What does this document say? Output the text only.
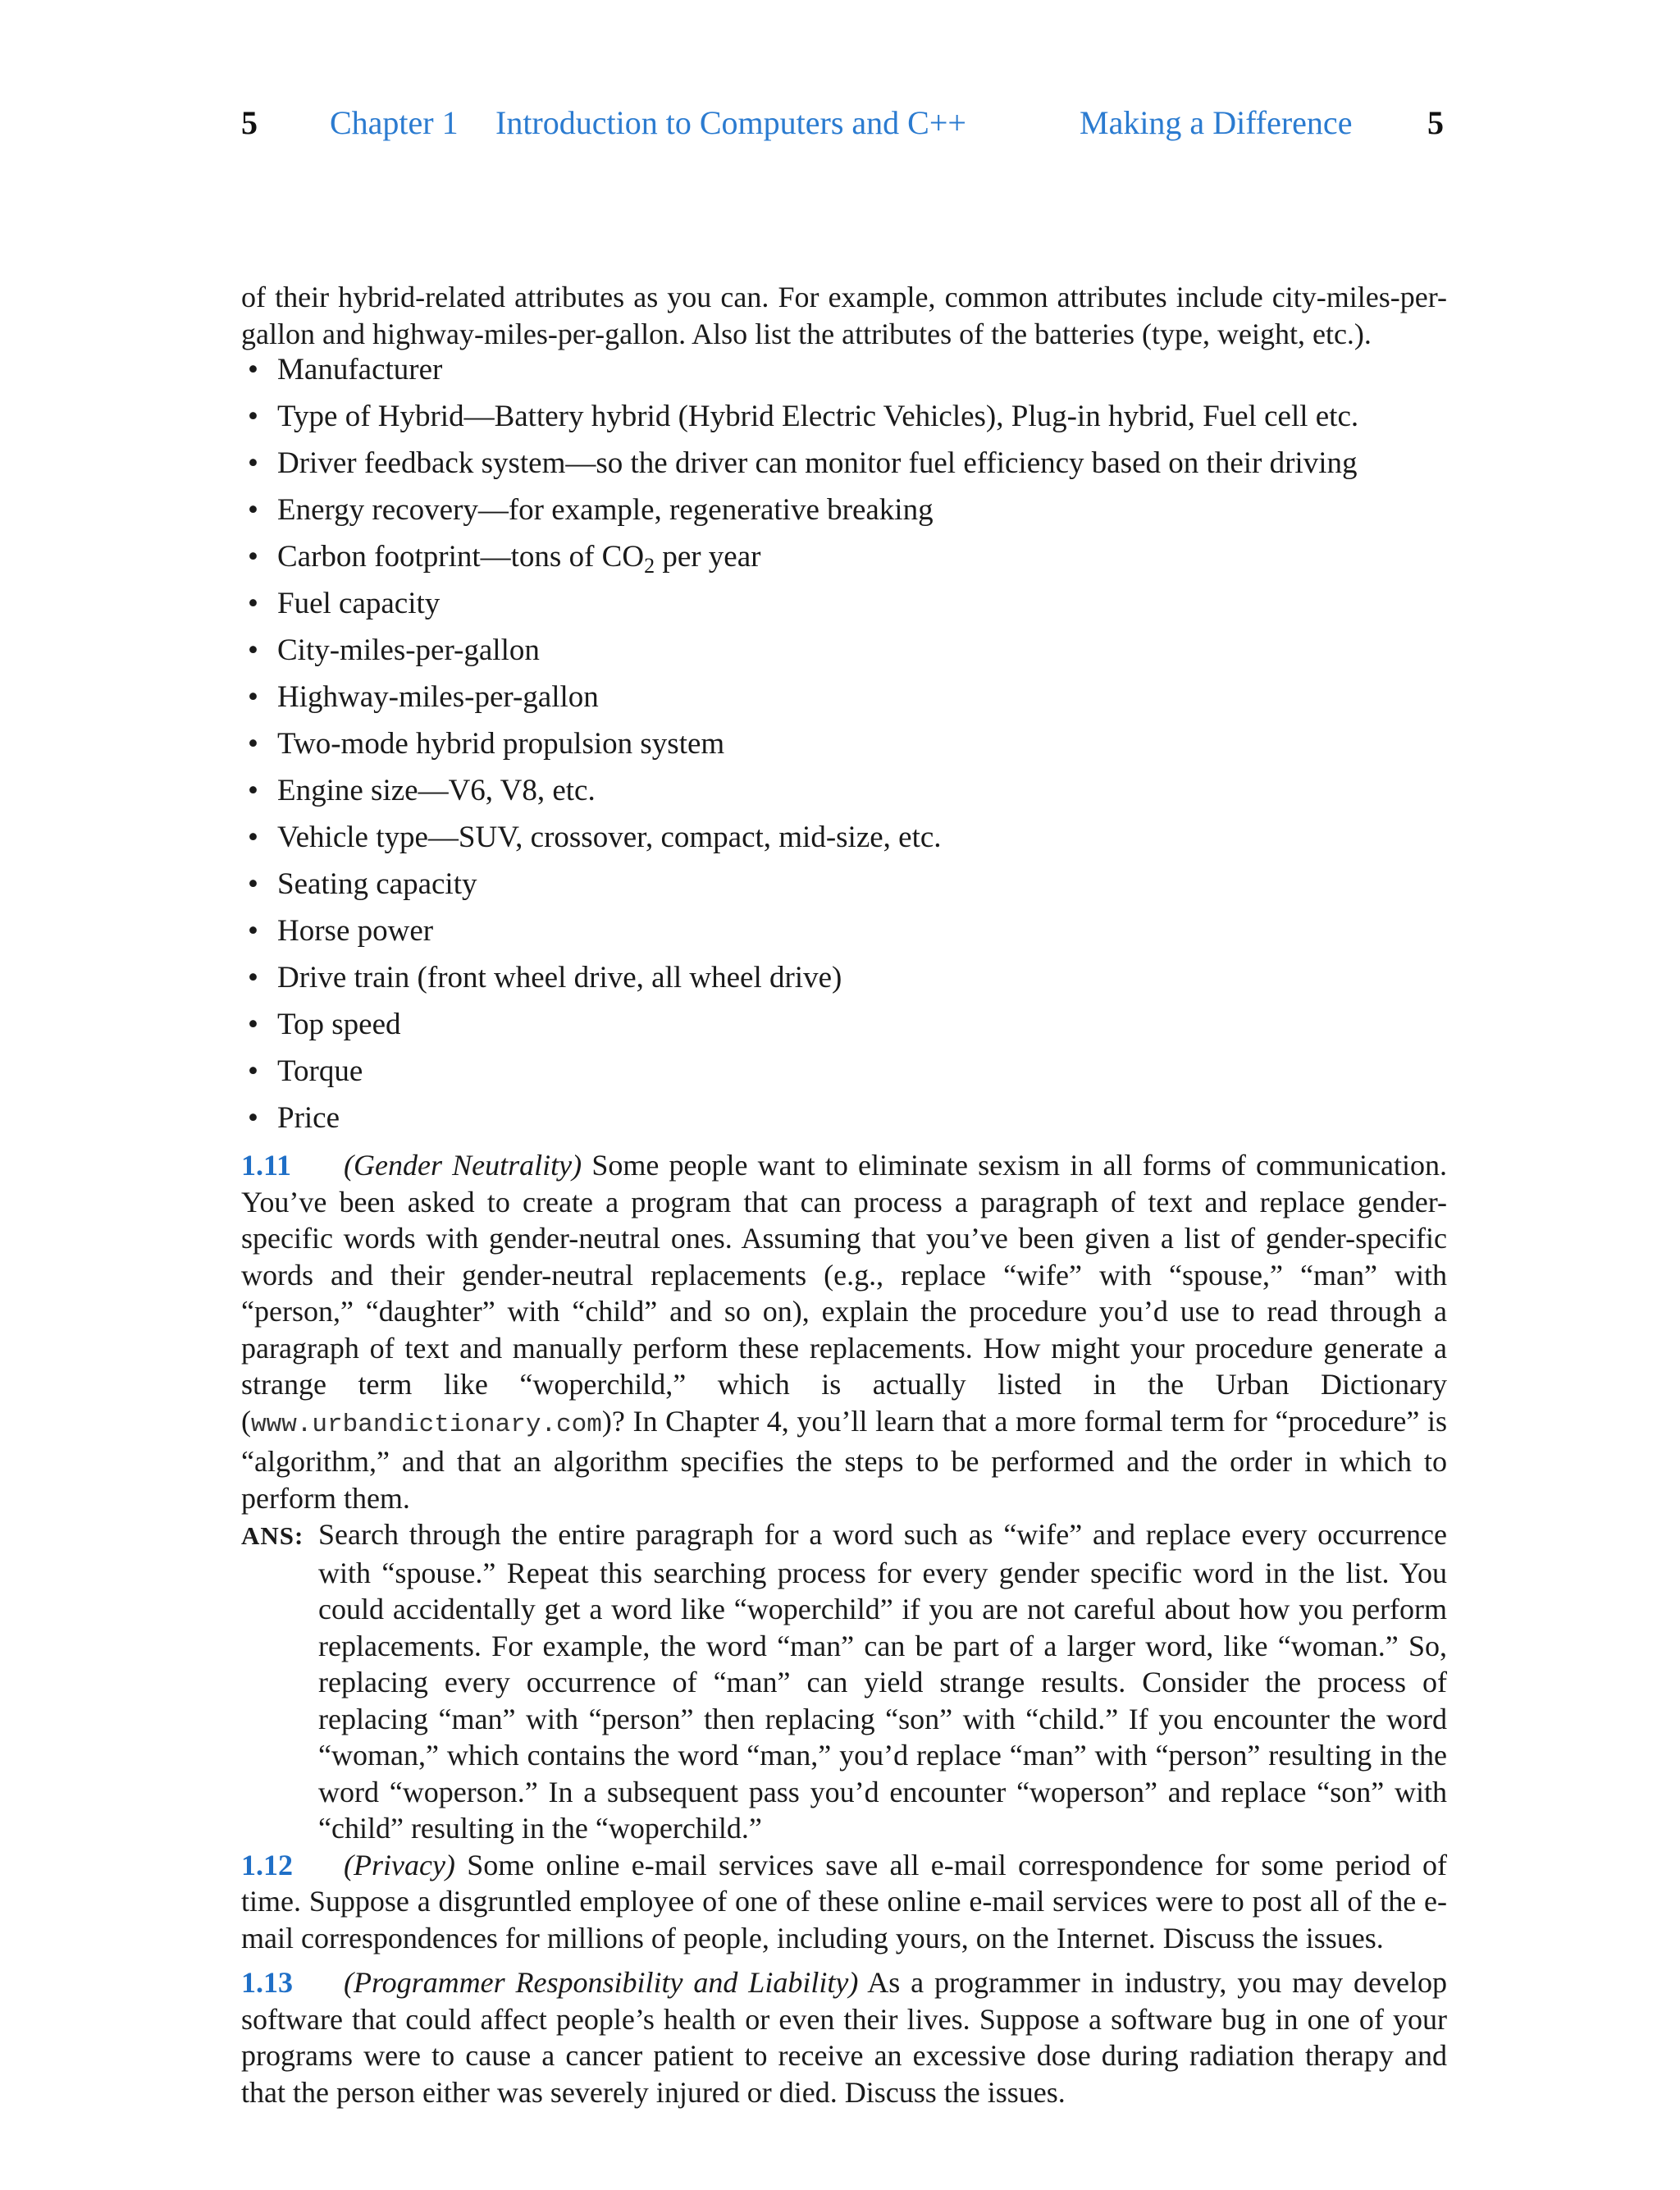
5 Chapter 1 Introduction to Computers and C++	Making a Difference 5

of their hybrid-related attributes as you can. For example, common attributes include city-miles-per-gallon and highway-miles-per-gallon. Also list the attributes of the batteries (type, weight, etc.).

• Manufacturer
• Type of Hybrid—Battery hybrid (Hybrid Electric Vehicles), Plug-in hybrid, Fuel cell etc.
• Driver feedback system—so the driver can monitor fuel efficiency based on their driving
• Energy recovery—for example, regenerative breaking
• Carbon footprint—tons of $CO_2$ per year
• Fuel capacity
• City-miles-per-gallon
• Highway-miles-per-gallon
• Two-mode hybrid propulsion system
• Engine size—V6, V8, etc.
• Vehicle type—SUV, crossover, compact, mid-size, etc.
• Seating capacity
• Horse power
• Drive train (front wheel drive, all wheel drive)
• Top speed
• Torque
• Price

1.11 (Gender Neutrality) Some people want to eliminate sexism in all forms of communication. You’ve been asked to create a program that can process a paragraph of text and replace gender-specific words with gender-neutral ones. Assuming that you’ve been given a list of gender-specific words and their gender-neutral replacements (e.g., replace “wife” with “spouse,” “man” with “person,” “daughter” with “child” and so on), explain the procedure you’d use to read through a paragraph of text and manually perform these replacements. How might your procedure generate a strange term like “woperchild,” which is actually listed in the Urban Dictionary (www.urbandictionary.com)? In Chapter 4, you’ll learn that a more formal term for “procedure” is “algorithm,” and that an algorithm specifies the steps to be performed and the order in which to perform them.

ANS: Search through the entire paragraph for a word such as “wife” and replace every occurrence with “spouse.” Repeat this searching process for every gender specific word in the list. You could accidentally get a word like “woperchild” if you are not careful about how you perform replacements. For example, the word “man” can be part of a larger word, like “woman.” So, replacing every occurrence of “man” can yield strange results. Consider the process of replacing “man” with “person” then replacing “son” with “child.” If you encounter the word “woman,” which contains the word “man,” you’d replace “man” with “person” resulting in the word “woperson.” In a subsequent pass you’d encounter “woperson” and replace “son” with “child” resulting in the “woperchild.”

1.12 (Privacy) Some online e-mail services save all e-mail correspondence for some period of time. Suppose a disgruntled employee of one of these online e-mail services were to post all of the e-mail correspondences for millions of people, including yours, on the Internet. Discuss the issues.

1.13 (Programmer Responsibility and Liability) As a programmer in industry, you may develop software that could affect people’s health or even their lives. Suppose a software bug in one of your programs were to cause a cancer patient to receive an excessive dose during radiation therapy and that the person either was severely injured or died. Discuss the issues.
